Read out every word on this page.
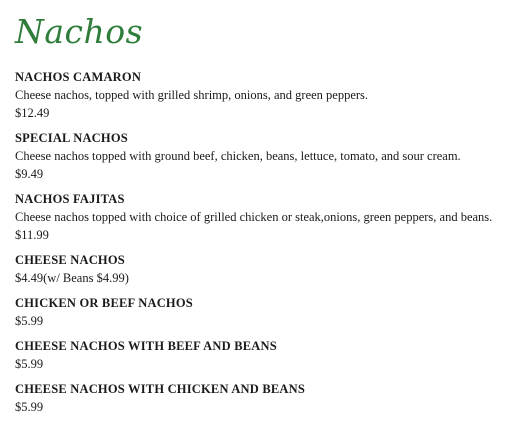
Nachos
NACHOS CAMARON
Cheese nachos, topped with grilled shrimp, onions, and green peppers.
$12.49
SPECIAL NACHOS
Cheese nachos topped with ground beef, chicken, beans, lettuce, tomato, and sour cream.
$9.49
NACHOS FAJITAS
Cheese nachos topped with choice of grilled chicken or steak,onions, green peppers, and beans.
$11.99
CHEESE NACHOS
$4.49(w/ Beans $4.99)
CHICKEN OR BEEF NACHOS
$5.99
CHEESE NACHOS WITH BEEF AND BEANS
$5.99
CHEESE NACHOS WITH CHICKEN AND BEANS
$5.99
